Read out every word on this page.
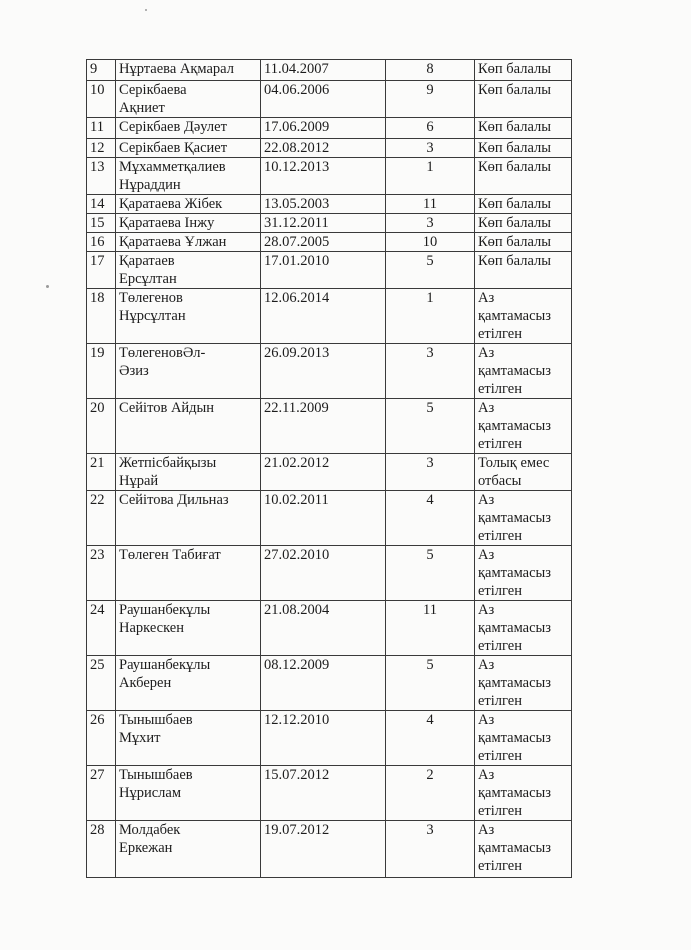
9	Нұртаева Ақмарал	11.04.2007	8	Көп балалы

10	Серікбаева
Ақниет	04.06.2006	9	Көп балалы

11	Серікбаев Дәулет	17.06.2009	6	Көп балалы

12	Серікбаев Қасиет	22.08.2012	3	Көп балалы

13	Мұхамметқалиев
Нұраддин	10.12.2013	1	Көп балалы

14	Қаратаева Жібек	13.05.2003	11	Көп балалы

15	Қаратаева Інжу	31.12.2011	3	Көп балалы

16	Қаратаева Ұлжан	28.07.2005	10	Көп балалы

17	Қаратаев
Ерсұлтан	17.01.2010	5	Көп балалы

18	Төлегенов
Нұрсұлтан	12.06.2014	1	Аз
қамтамасыз
етілген

19	ТөлегеновӘл-
Әзиз	26.09.2013	3	Аз
қамтамасыз
етілген

20	Сейітов Айдын	22.11.2009	5	Аз
қамтамасыз
етілген

21	Жетпісбайқызы
Нұрай	21.02.2012	3	Толық емес
отбасы

22	Сейітова Дильназ	10.02.2011	4	Аз
қамтамасыз
етілген

23	Төлеген Табиғат	27.02.2010	5	Аз
қамтамасыз
етілген

24	Раушанбекұлы
Наркескен	21.08.2004	11	Аз
қамтамасыз
етілген

25	Раушанбекұлы
Акберен	08.12.2009	5	Аз
қамтамасыз
етілген

26	Тынышбаев
Мұхит	12.12.2010	4	Аз
қамтамасыз
етілген

27	Тынышбаев
Нұрислам	15.07.2012	2	Аз
қамтамасыз
етілген

28	Молдабек
Еркежан	19.07.2012	3	Аз
қамтамасыз
етілген
